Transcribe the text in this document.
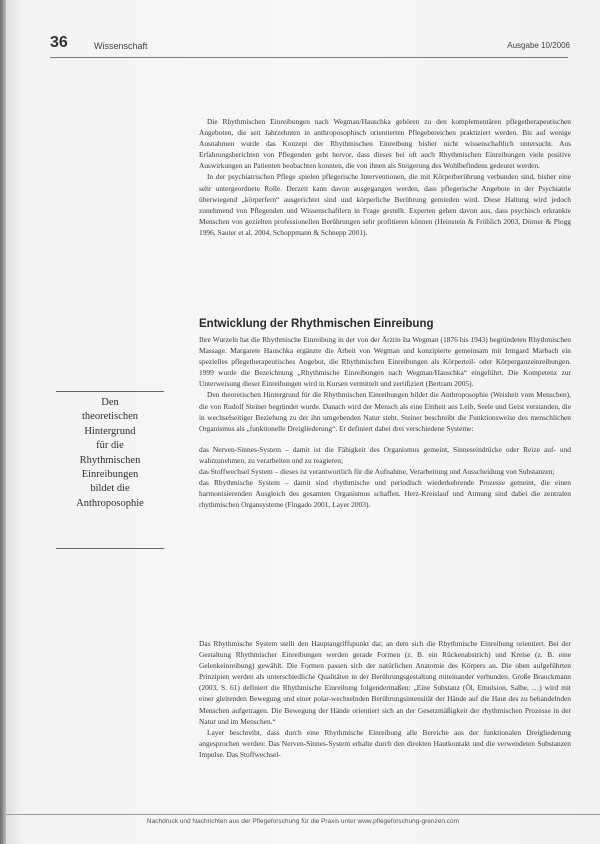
36	Wissenschaft	Ausgabe 10/2006

Die Rhythmischen Einreibungen nach Wegman/Hauschka gehören zu den komplementären pflegetherapeutischen Angeboten, die seit Jahrzehnten in anthroposophisch orientierten Pflegebereichen praktiziert werden. Bis auf wenige Ausnahmen wurde das Konzept der Rhythmischen Einreibung bisher nicht wissenschaftlich untersucht. Aus Erfahrungsberichten von Pflegenden geht hervor, dass dieses bei oft auch Rhythmischen Einreibungen viele positive Auswirkungen an Patienten beobachten konnten, die von ihnen als Steigerung des Wohlbefindens gedeutet werden.

In der psychiatrischen Pflege spielen pflegerische Interventionen, die mit Körperberührung verbunden sind, bisher eine sehr untergeordnete Rolle. Derzeit kann davon ausgegangen werden, dass pflegerische Angebote in der Psychiatrie überwiegend „körperfern“ ausgerichtet sind und körperliche Berührung gemieden wird. Diese Haltung wird jedoch zunehmend von Pflegenden und Wissenschaftlern in Frage gestellt. Experten gehen davon aus, dass psychisch erkrankte Menschen von gezielten professionellen Berührungen sehr profitieren können (Heinstein & Fröhlich 2003, Dörner & Plogg 1996, Sauter et al. 2004, Schoppmann & Schnepp 2001).

Entwicklung der Rhythmischen Einreibung

Ihre Wurzeln hat die Rhythmische Einreibung in der von der Ärztin Ita Wegman (1876 bis 1943) begründeten Rhythmischen Massage. Margarete Hauschka ergänzte die Arbeit von Wegman und konzipierte gemeinsam mit Irmgard Marbach ein spezielles pflegetherapeutisches Angebot, die Rhythmischen Einreibungen als Körperteil- oder Körperganzeinreibungen. 1999 wurde die Bezeichnung „Rhythmische Einreibungen nach Wegman/Hauschka“ eingeführt. Die Kompetenz zur Unterweisung dieser Einreibungen wird in Kursen vermittelt und zertifiziert (Bertram 2005).

Den theoretischen Hintergrund für die Rhythmischen Einreibungen bildet die Anthroposophie (Weisheit vom Menschen), die von Rudolf Steiner begründet wurde. Danach wird der Mensch als eine Einheit aus Leib, Seele und Geist verstanden, die in wechselseitiger Beziehung zu der ihn umgebenden Natur steht. Steiner beschreibt die Funktionsweise des menschlichen Organismus als „funktionelle Dreigliederung“. Er definiert dabei drei verschiedene Systeme:

das Nerven-Sinnes-System – damit ist die Fähigkeit des Organismus gemeint, Sinneseindrücke oder Reize auf- und wahrzunehmen, zu verarbeiten und zu reagieren;

das Stoffwechsel System – dieses ist verantwortlich für die Aufnahme, Verarbeitung und Ausscheidung von Substanzen;

das Rhythmische System – damit sind rhythmische und periodisch wiederkehrende Prozesse gemeint, die einen harmonisierenden Ausgleich des gesamten Organismus schaffen. Herz-Kreislauf und Atmung sind dabei die zentralen rhythmischen Organsysteme (Fingado 2001, Layer 2003).

Das Rhythmische System stellt den Hauptangriffspunkt dar, an dem sich die Rhythmische Einreibung orientiert. Bei der Gestaltung Rhythmischer Einreibungen werden gerade Formen (z. B. ein Rückenabstrich) und Kreise (z. B. eine Gelenkeinreibung) gewählt. Die Formen passen sich der natürlichen Anatomie des Körpers an. Die oben aufgeführten Prinzipien werden als unterschiedliche Qualitäten in der Berührungsgestaltung miteinander verbunden. Große Brauckmann (2003, S. 61) definiert die Rhythmische Einreibung folgendermaßen: „Eine Substanz (Öl, Emulsion, Salbe, …) wird mit einer gleitenden Bewegung und einer polar-wechselnden Berührungsintensität der Hände auf die Haut des zu behandelnden Menschen aufgetragen. Die Bewegung der Hände orientiert sich an der Gesetzmäßigkeit der rhythmischen Prozesse in der Natur und im Menschen.“

Layer beschreibt, dass durch eine Rhythmische Einreibung alle Bereiche aus der funktionalen Dreigliederung angesprochen werden: Das Nerven-Sinnes-System erhalte durch den direkten Hautkontakt und die verwendeten Substanzen Impulse. Das Stoffwechsel-

Den
theoretischen
Hintergrund
für die
Rhythmischen
Einreibungen
bildet die
Anthroposophie
Nachdruck und Nachrichten aus der Pflegeforschung für die Praxis unter www.pflegeforschung-grenzen.com
